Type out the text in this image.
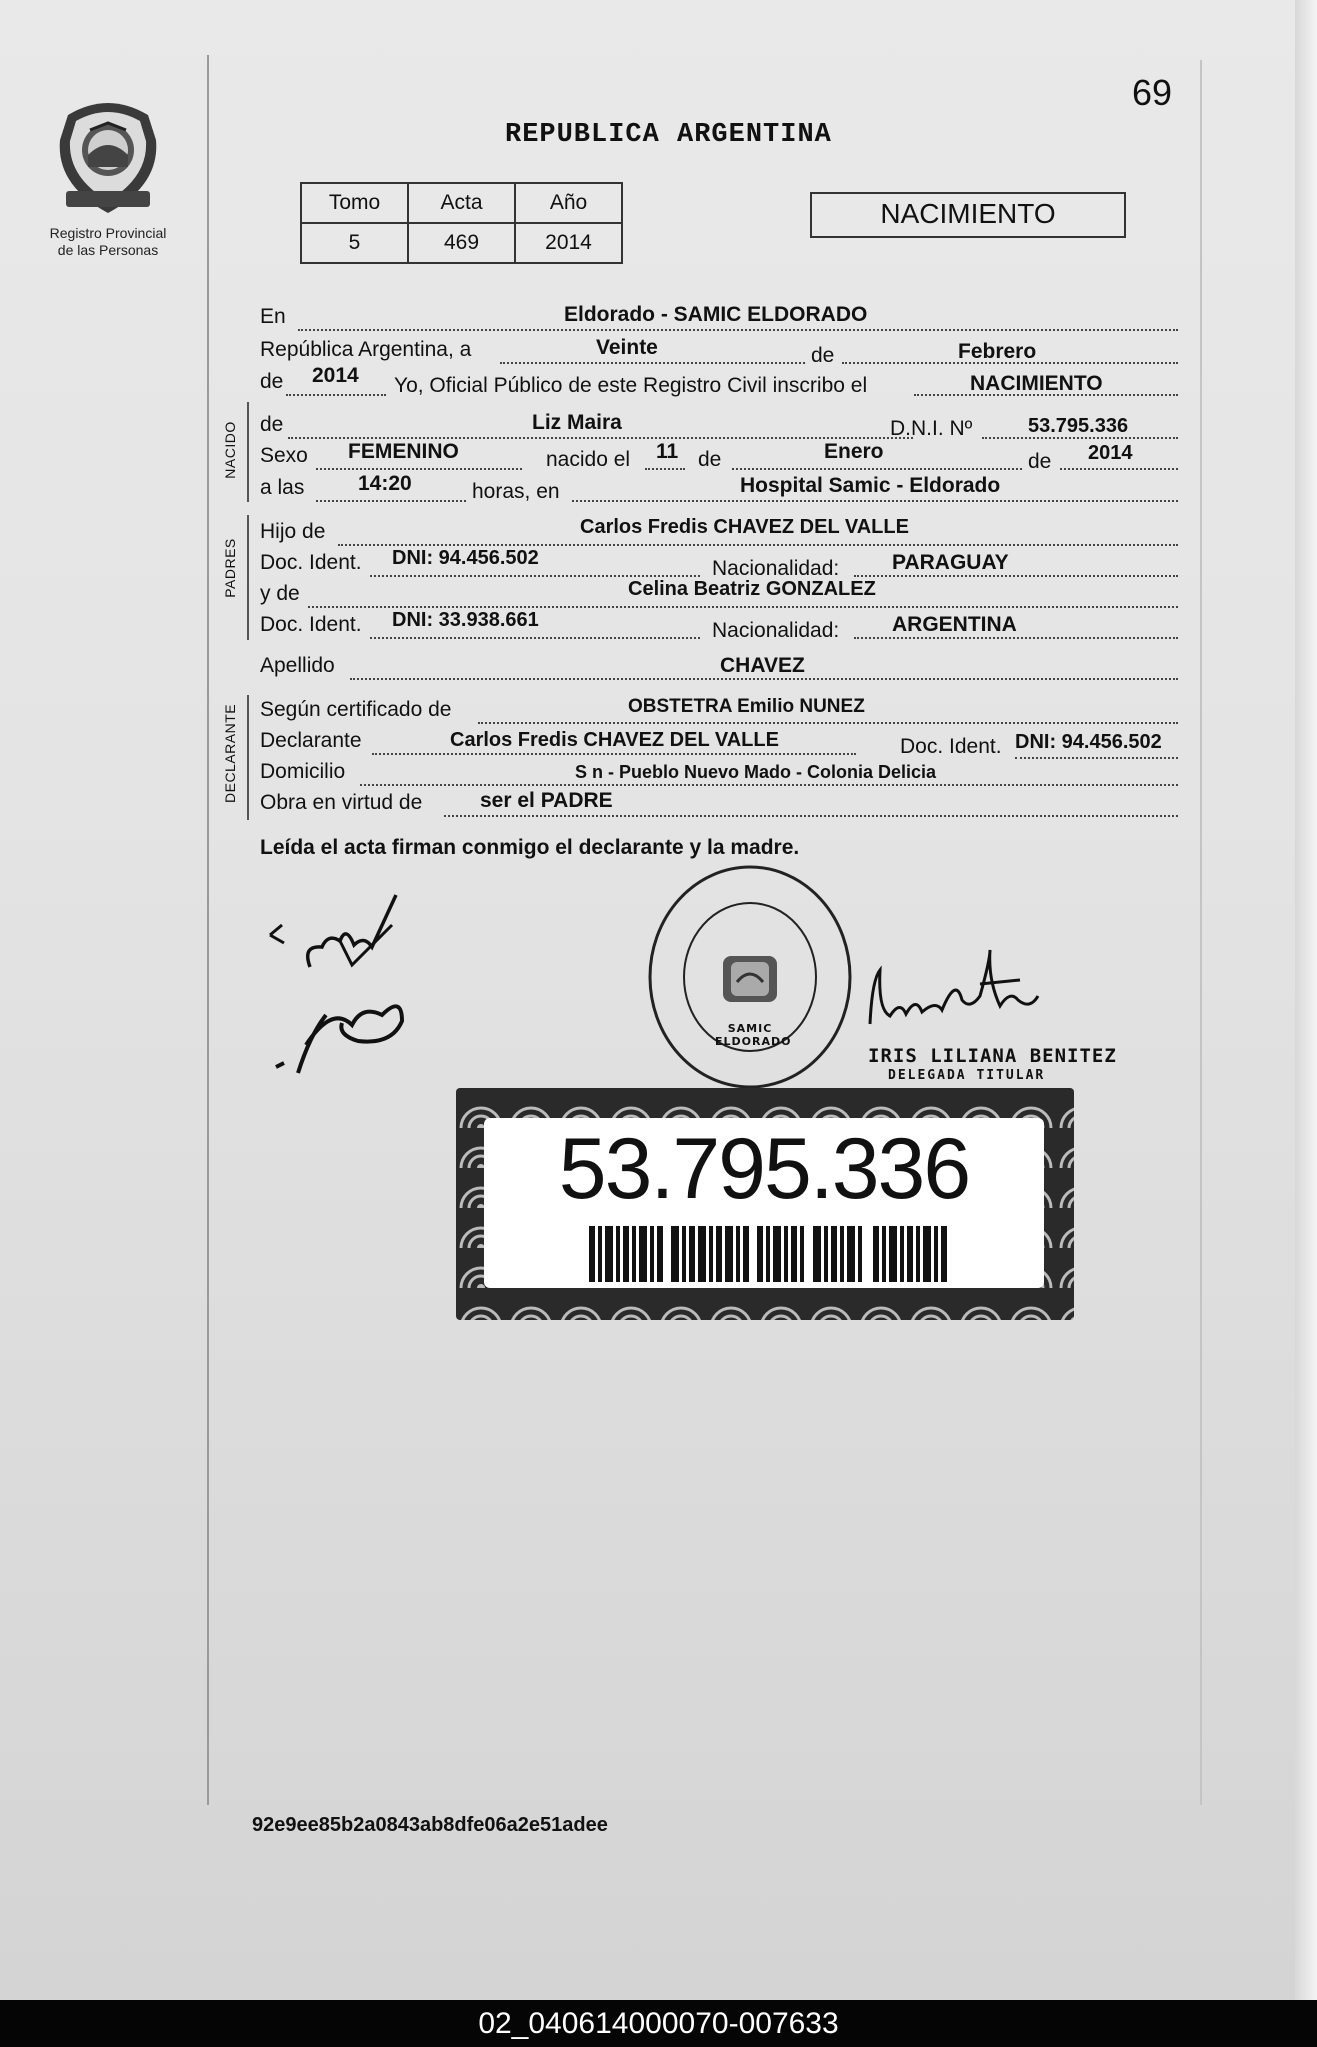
Registro Provincial
de las Personas
69
REPUBLICA ARGENTINA
Tomo	Acta	Año
5	469	2014
NACIMIENTO
En	Eldorado - SAMIC ELDORADO
República Argentina, a	Veinte	de	Febrero
de 2014 Yo, Oficial Público de este Registro Civil inscribo el	NACIMIENTO
NACIDO de	Liz Maira	D.N.I. Nº	53.795.336
Sexo FEMENINO	nacido el 11 de	Enero	de 2014
a las	14:20	horas, en	Hospital Samic - Eldorado
PADRES
Hijo de	Carlos Fredis CHAVEZ DEL VALLE
Doc. Ident. DNI: 94.456.502	Nacionalidad:	PARAGUAY
y de	Celina Beatriz GONZALEZ
Doc. Ident. DNI: 33.938.661	Nacionalidad:	ARGENTINA
Apellido	CHAVEZ
DECLARANTE Según certificado de	OBSTETRA Emilio NUNEZ
Declarante	Carlos Fredis CHAVEZ DEL VALLE	Doc. Ident. DNI: 94.456.502
Domicilio	S n - Pueblo Nuevo Mado - Colonia Delicia
Obra en virtud de	ser el PADRE
Leída el acta firman conmigo el declarante y la madre.
SAMIC ELDORADO
IRIS LILIANA BENITEZ
DELEGADA TITULAR
53.795.336
92e9ee85b2a0843ab8dfe06a2e51adee
02_040614000070-007633
